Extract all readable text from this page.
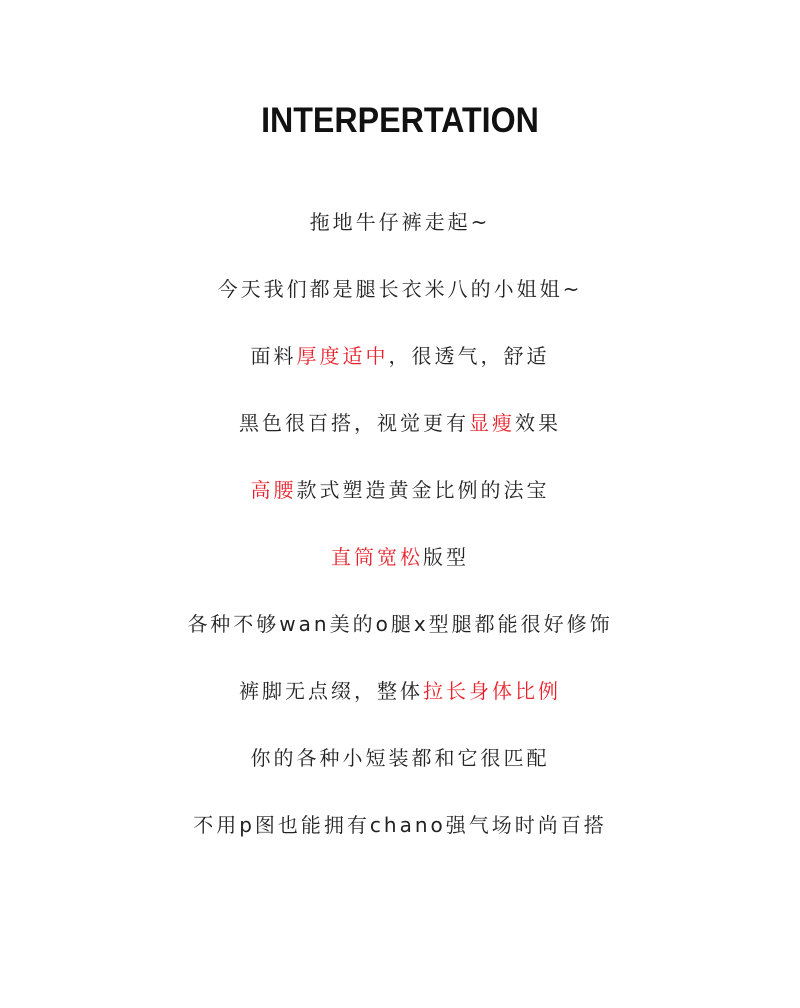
INTERPERTATION
拖地牛仔裤走起~
今天我们都是腿长衣米八的小姐姐~
面料厚度适中，很透气，舒适
黑色很百搭，视觉更有显瘦效果
高腰款式塑造黄金比例的法宝
直筒宽松版型
各种不够wan美的o腿x型腿都能很好修饰
裤脚无点缀，整体拉长身体比例
你的各种小短装都和它很匹配
不用p图也能拥有chano强气场时尚百搭
